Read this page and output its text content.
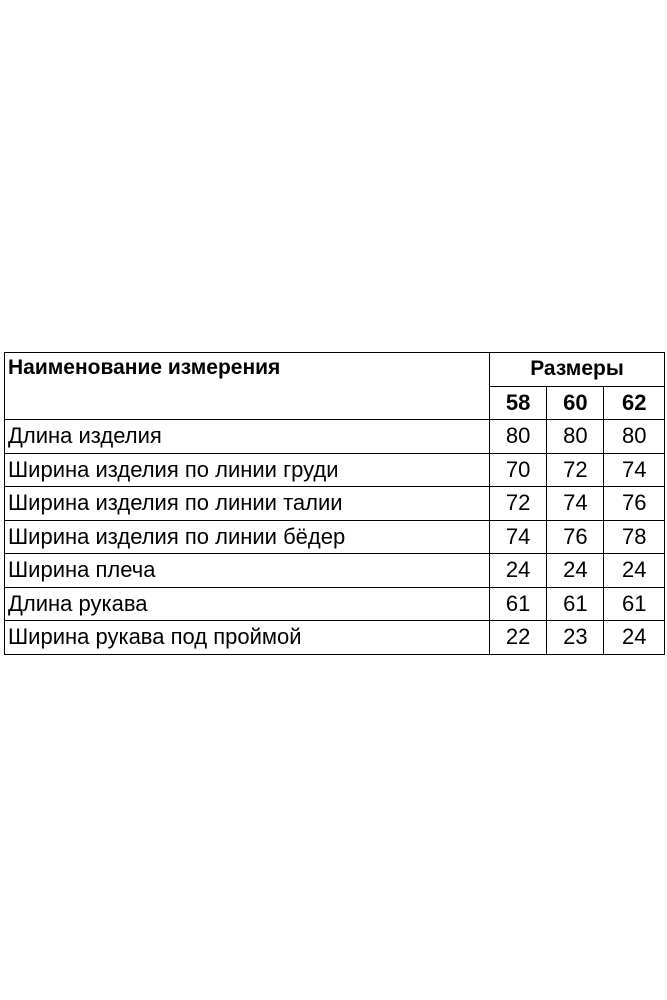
Наименование измерения	Размеры		
	58	60	62
Длина изделия	80	80	80
Ширина изделия по линии груди	70	72	74
Ширина изделия по линии талии	72	74	76
Ширина изделия по линии бёдер	74	76	78
Ширина плеча	24	24	24
Длина рукава	61	61	61
Ширина рукава под проймой	22	23	24
